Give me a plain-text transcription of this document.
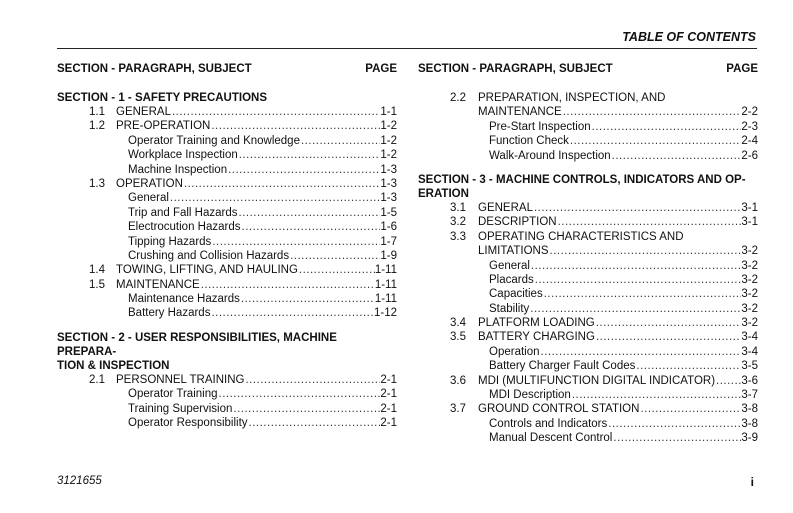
TABLE OF CONTENTS
SECTION - PARAGRAPH, SUBJECT	PAGE
SECTION - 1 - SAFETY PRECAUTIONS
1.1 GENERAL .....	1-1
1.2 PRE-OPERATION .....	1-2
Operator Training and Knowledge .....	1-2
Workplace Inspection .....	1-2
Machine Inspection .....	1-3
1.3 OPERATION .....	1-3
General .....	1-3
Trip and Fall Hazards .....	1-5
Electrocution Hazards .....	1-6
Tipping Hazards .....	1-7
Crushing and Collision Hazards .....	1-9
1.4 TOWING, LIFTING, AND HAULING .....	1-11
1.5 MAINTENANCE .....	1-11
Maintenance Hazards .....	1-11
Battery Hazards .....	1-12
SECTION - 2 - USER RESPONSIBILITIES, MACHINE PREPARA-
TION & INSPECTION
2.1 PERSONNEL TRAINING .....	2-1
Operator Training .....	2-1
Training Supervision .....	2-1
Operator Responsibility .....	2-1
SECTION - PARAGRAPH, SUBJECT	PAGE
2.2 PREPARATION, INSPECTION, AND
MAINTENANCE .....	2-2
Pre-Start Inspection .....	2-3
Function Check .....	2-4
Walk-Around Inspection .....	2-6
SECTION - 3 - MACHINE CONTROLS, INDICATORS AND OP-
ERATION
3.1 GENERAL .....	3-1
3.2 DESCRIPTION .....	3-1
3.3 OPERATING CHARACTERISTICS AND
LIMITATIONS .....	3-2
General .....	3-2
Placards .....	3-2
Capacities .....	3-2
Stability .....	3-2
3.4 PLATFORM LOADING .....	3-2
3.5 BATTERY CHARGING .....	3-4
Operation .....	3-4
Battery Charger Fault Codes .....	3-5
3.6 MDI (MULTIFUNCTION DIGITAL INDICATOR) ..... 3-6
MDI Description .....	3-7
3.7 GROUND CONTROL STATION .....	3-8
Controls and Indicators .....	3-8
Manual Descent Control .....	3-9
3121655	i
